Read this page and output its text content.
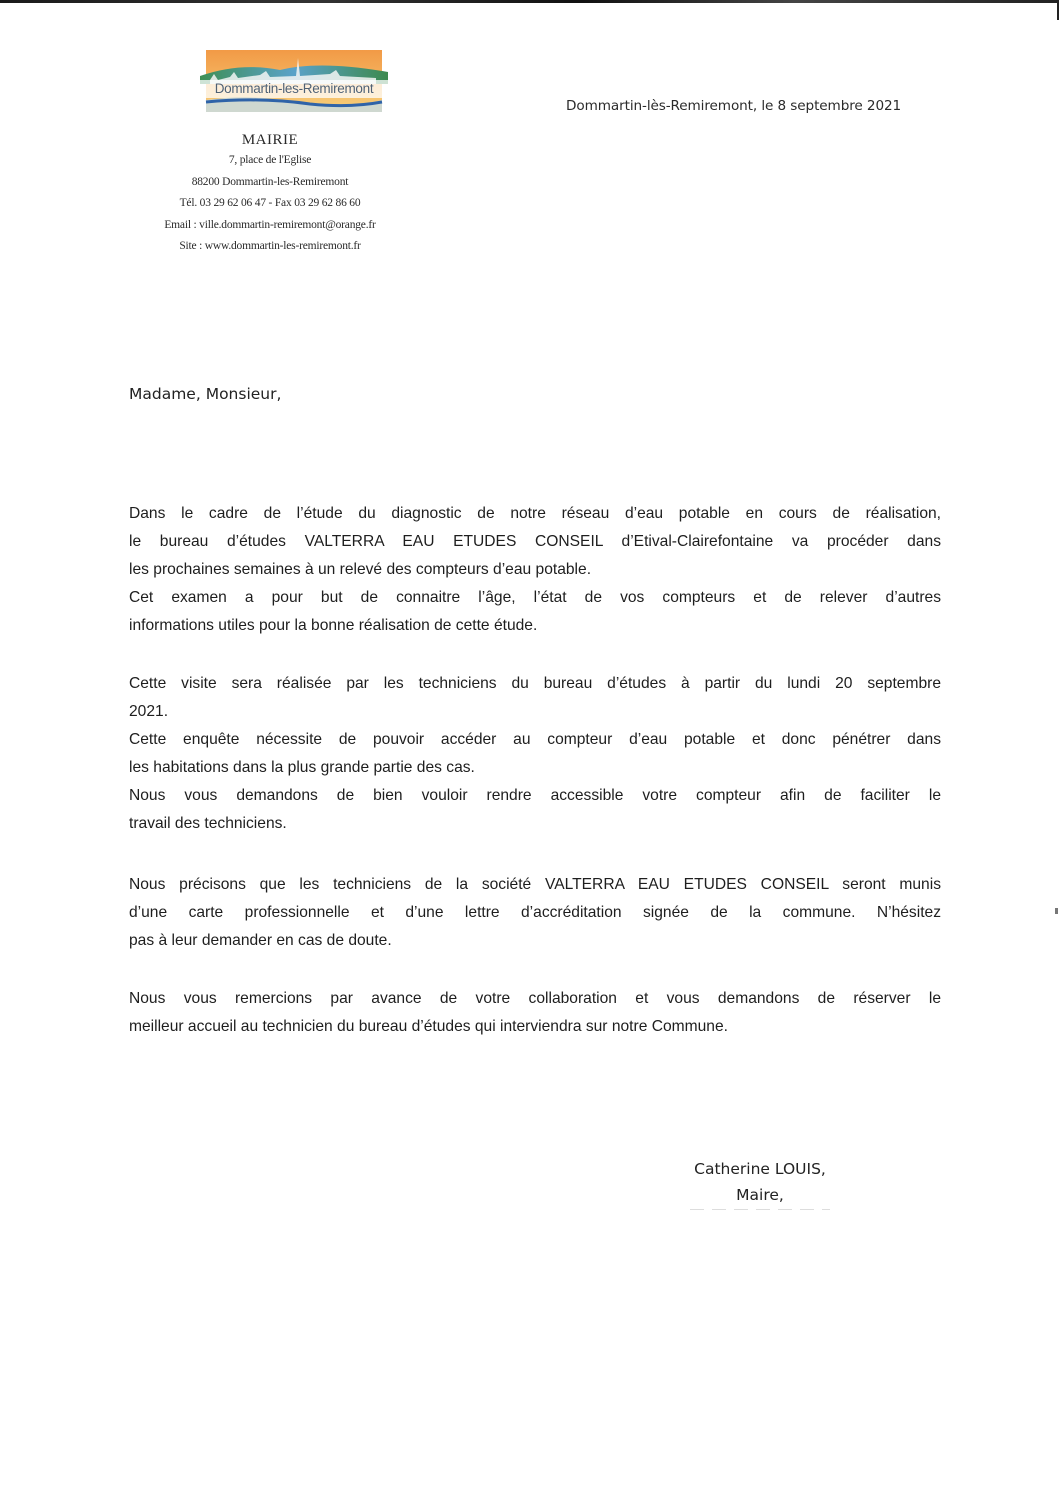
Dommartin-les-Remiremont
MAIRIE
7, place de l'Eglise
88200 Dommartin-les-Remiremont
Tél. 03 29 62 06 47 - Fax 03 29 62 86 60
Email : ville.dommartin-remiremont@orange.fr
Site : www.dommartin-les-remiremont.fr
Dommartin-lès-Remiremont, le 8 septembre 2021
Madame, Monsieur,
Dans le cadre de l’étude du diagnostic de notre réseau d’eau potable en cours de réalisation,
le bureau d’études VALTERRA EAU ETUDES CONSEIL d’Etival-Clairefontaine va procéder dans
les prochaines semaines à un relevé des compteurs d’eau potable.
Cet examen a pour but de connaitre l’âge, l’état de vos compteurs et de relever d’autres
informations utiles pour la bonne réalisation de cette étude.
Cette visite sera réalisée par les techniciens du bureau d’études à partir du lundi 20 septembre
2021.
Cette enquête nécessite de pouvoir accéder au compteur d’eau potable et donc pénétrer dans
les habitations dans la plus grande partie des cas.
Nous vous demandons de bien vouloir rendre accessible votre compteur afin de faciliter le
travail des techniciens.
Nous précisons que les techniciens de la société VALTERRA EAU ETUDES CONSEIL seront munis
d’une carte professionnelle et d’une lettre d’accréditation signée de la commune. N’hésitez
pas à leur demander en cas de doute.
Nous vous remercions par avance de votre collaboration et vous demandons de réserver le
meilleur accueil au technicien du bureau d’études qui interviendra sur notre Commune.
Catherine LOUIS,
Maire,
